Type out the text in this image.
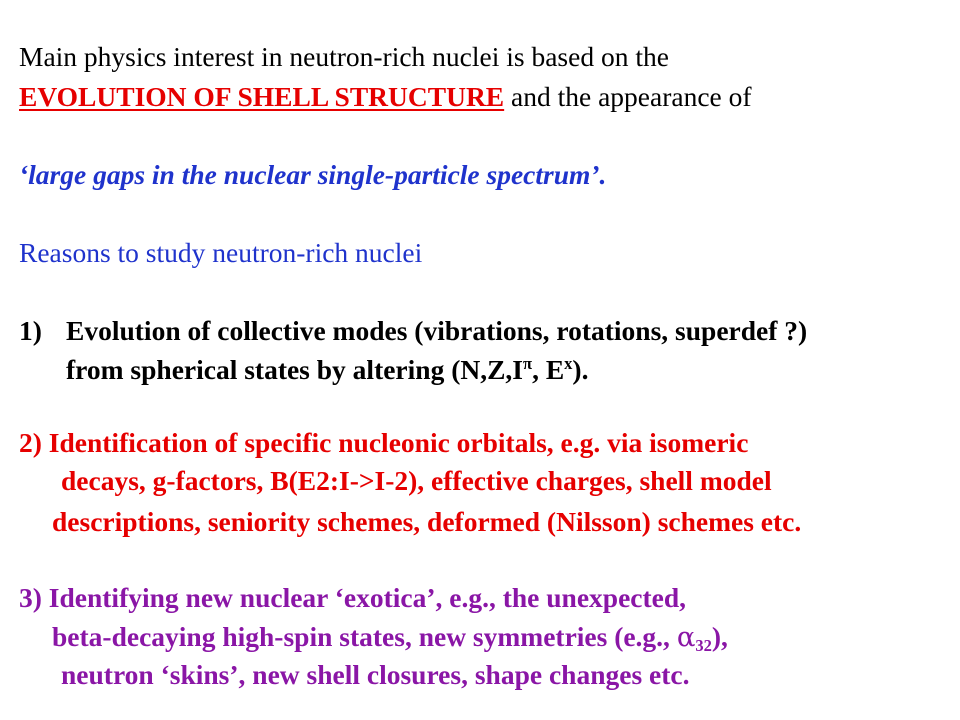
Main physics interest in neutron-rich nuclei is based on the
EVOLUTION OF SHELL STRUCTURE and the appearance of
‘large gaps in the nuclear single-particle spectrum’.
Reasons to study neutron-rich nuclei
1) Evolution of collective modes (vibrations, rotations, superdef ?)
from spherical states by altering ($N,Z,I^\pi$, $E^x$).
2) Identification of specific nucleonic orbitals, e.g. via isomeric
decays, g-factors, B(E2:I->I-2), effective charges, shell model
descriptions, seniority schemes, deformed (Nilsson) schemes etc.
3) Identifying new nuclear ‘exotica’, e.g., the unexpected,
beta-decaying high-spin states, new symmetries (e.g., $\alpha_{32}$),
neutron ‘skins’, new shell closures, shape changes etc.
